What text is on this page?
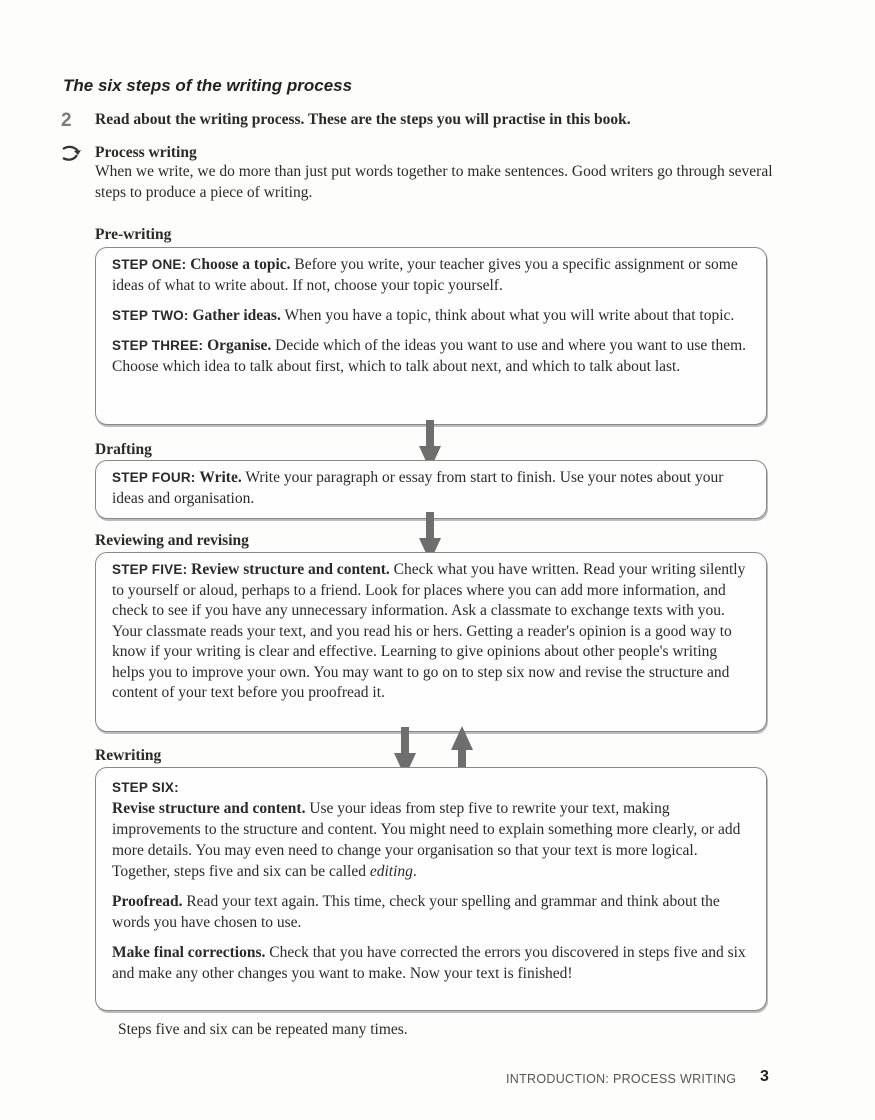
The six steps of the writing process
2 Read about the writing process. These are the steps you will practise in this book.
Process writing
When we write, we do more than just put words together to make sentences. Good writers go through several steps to produce a piece of writing.
Pre-writing

STEP ONE: Choose a topic. Before you write, your teacher gives you a specific assignment or some ideas of what to write about. If not, choose your topic yourself.

STEP TWO: Gather ideas. When you have a topic, think about what you will write about that topic.

STEP THREE: Organise. Decide which of the ideas you want to use and where you want to use them. Choose which idea to talk about first, which to talk about next, and which to talk about last.

Drafting

STEP FOUR: Write. Write your paragraph or essay from start to finish. Use your notes about your ideas and organisation.

Reviewing and revising

STEP FIVE: Review structure and content. Check what you have written. Read your writing silently to yourself or aloud, perhaps to a friend. Look for places where you can add more information, and check to see if you have any unnecessary information. Ask a classmate to exchange texts with you. Your classmate reads your text, and you read his or hers. Getting a reader's opinion is a good way to know if your writing is clear and effective. Learning to give opinions about other people's writing helps you to improve your own. You may want to go on to step six now and revise the structure and content of your text before you proofread it.

Rewriting

STEP SIX:

Revise structure and content. Use your ideas from step five to rewrite your text, making improvements to the structure and content. You might need to explain something more clearly, or add more details. You may even need to change your organisation so that your text is more logical. Together, steps five and six can be called editing.

Proofread. Read your text again. This time, check your spelling and grammar and think about the words you have chosen to use.

Make final corrections. Check that you have corrected the errors you discovered in steps five and six and make any other changes you want to make. Now your text is finished!

Steps five and six can be repeated many times.
INTRODUCTION: PROCESS WRITING 3
